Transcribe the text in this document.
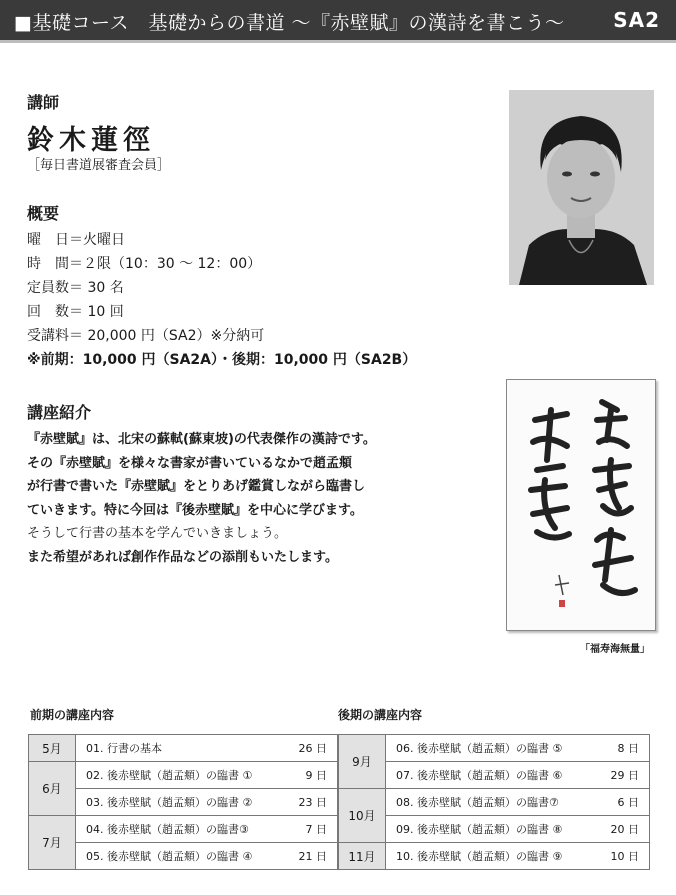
■基礎コース　基礎からの書道 ～『赤壁賦』の漢詩を書こう～ SA2
講師
鈴木蓮徑
［毎日書道展審査会員］
概要
曜　日＝火曜日
時　間＝２限（10：30 ～ 12：00）
定員数＝ 30 名
回　数＝ 10 回
受講料＝ 20,000 円（SA2）※分納可
※前期：10,000 円（SA2A）・後期：10,000 円（SA2B）
講座紹介
『赤壁賦』は、北宋の蘇軾(蘇東坡)の代表傑作の漢詩です。
その『赤壁賦』を様々な書家が書いているなかで趙孟頫
が行書で書いた『赤壁賦』をとりあげ鑑賞しながら臨書し
ていきます。特に今回は『後赤壁賦』を中心に学びます。
そうして行書の基本を学んでいきましょう。
また希望があれば創作作品などの添削もいたします。
「福寿海無量」
前期の講座内容	後期の講座内容
5月	01. 行書の基本	26 日
6月	02. 後赤壁賦（趙孟頫）の臨書 ①	9 日
	03. 後赤壁賦（趙孟頫）の臨書 ②	23 日
7月	04. 後赤壁賦（趙孟頫）の臨書③	7 日
	05. 後赤壁賦（趙孟頫）の臨書 ④	21 日
9月	06. 後赤壁賦（趙孟頫）の臨書 ⑤	8 日
	07. 後赤壁賦（趙孟頫）の臨書 ⑥	29 日
10月	08. 後赤壁賦（趙孟頫）の臨書⑦	6 日
	09. 後赤壁賦（趙孟頫）の臨書 ⑧	20 日
11月	10. 後赤壁賦（趙孟頫）の臨書 ⑨	10 日
